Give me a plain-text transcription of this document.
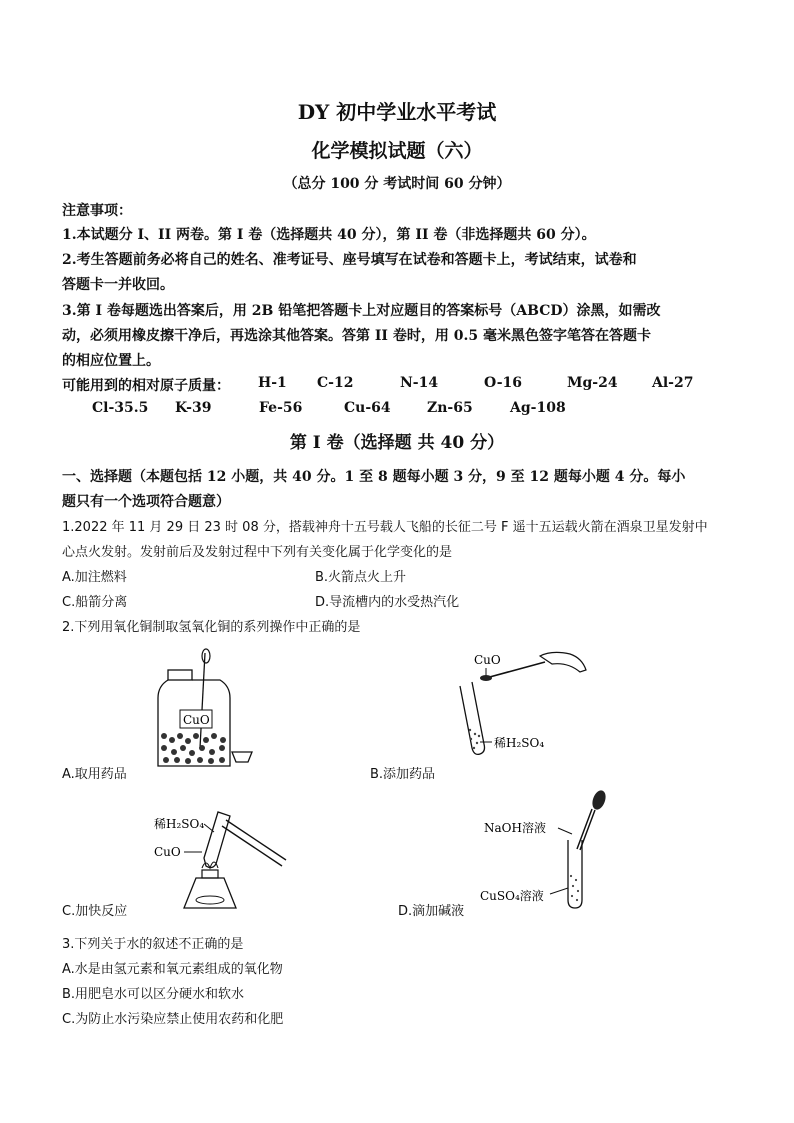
DY 初中学业水平考试
化学模拟试题（六）
（总分 100 分 考试时间 60 分钟）
注意事项：
1.本试题分 I、II 两卷。第 I 卷（选择题共 40 分），第 II 卷（非选择题共 60 分）。
2.考生答题前务必将自己的姓名、准考证号、座号填写在试卷和答题卡上，考试结束，试卷和
答题卡一并收回。
3.第 I 卷每题选出答案后，用 2B 铅笔把答题卡上对应题目的答案标号（ABCD）涂黑，如需改
动，必须用橡皮擦干净后，再选涂其他答案。答第 II 卷时，用 0.5 毫米黑色签字笔答在答题卡
的相应位置上。
可能用到的相对原子质量： H-1 C-12	N-14	O-16	Mg-24 Al-27
Cl-35.5 K-39	Fe-56	Cu-64	Zn-65	Ag-108
第 I 卷（选择题 共 40 分）
一、选择题（本题包括 12 小题，共 40 分。1 至 8 题每小题 3 分，9 至 12 题每小题 4 分。每小
题只有一个选项符合题意）
1.2022 年 11 月 29 日 23 时 08 分，搭载神舟十五号载人飞船的长征二号 F 遥十五运载火箭在酒泉卫星发射中
心点火发射。发射前后及发射过程中下列有关变化属于化学变化的是
A.加注燃料	B.火箭点火上升
C.船箭分离	D.导流槽内的水受热汽化
2.下列用氧化铜制取氢氧化铜的系列操作中正确的是
CuO
A.取用药品
CuO
稀H₂SO₄
B.添加药品
稀H₂SO₄
CuO
C.加快反应
NaOH溶液
CuSO₄溶液
D.滴加碱液
3.下列关于水的叙述不正确的是
A.水是由氢元素和氧元素组成的氧化物
B.用肥皂水可以区分硬水和软水
C.为防止水污染应禁止使用农药和化肥
